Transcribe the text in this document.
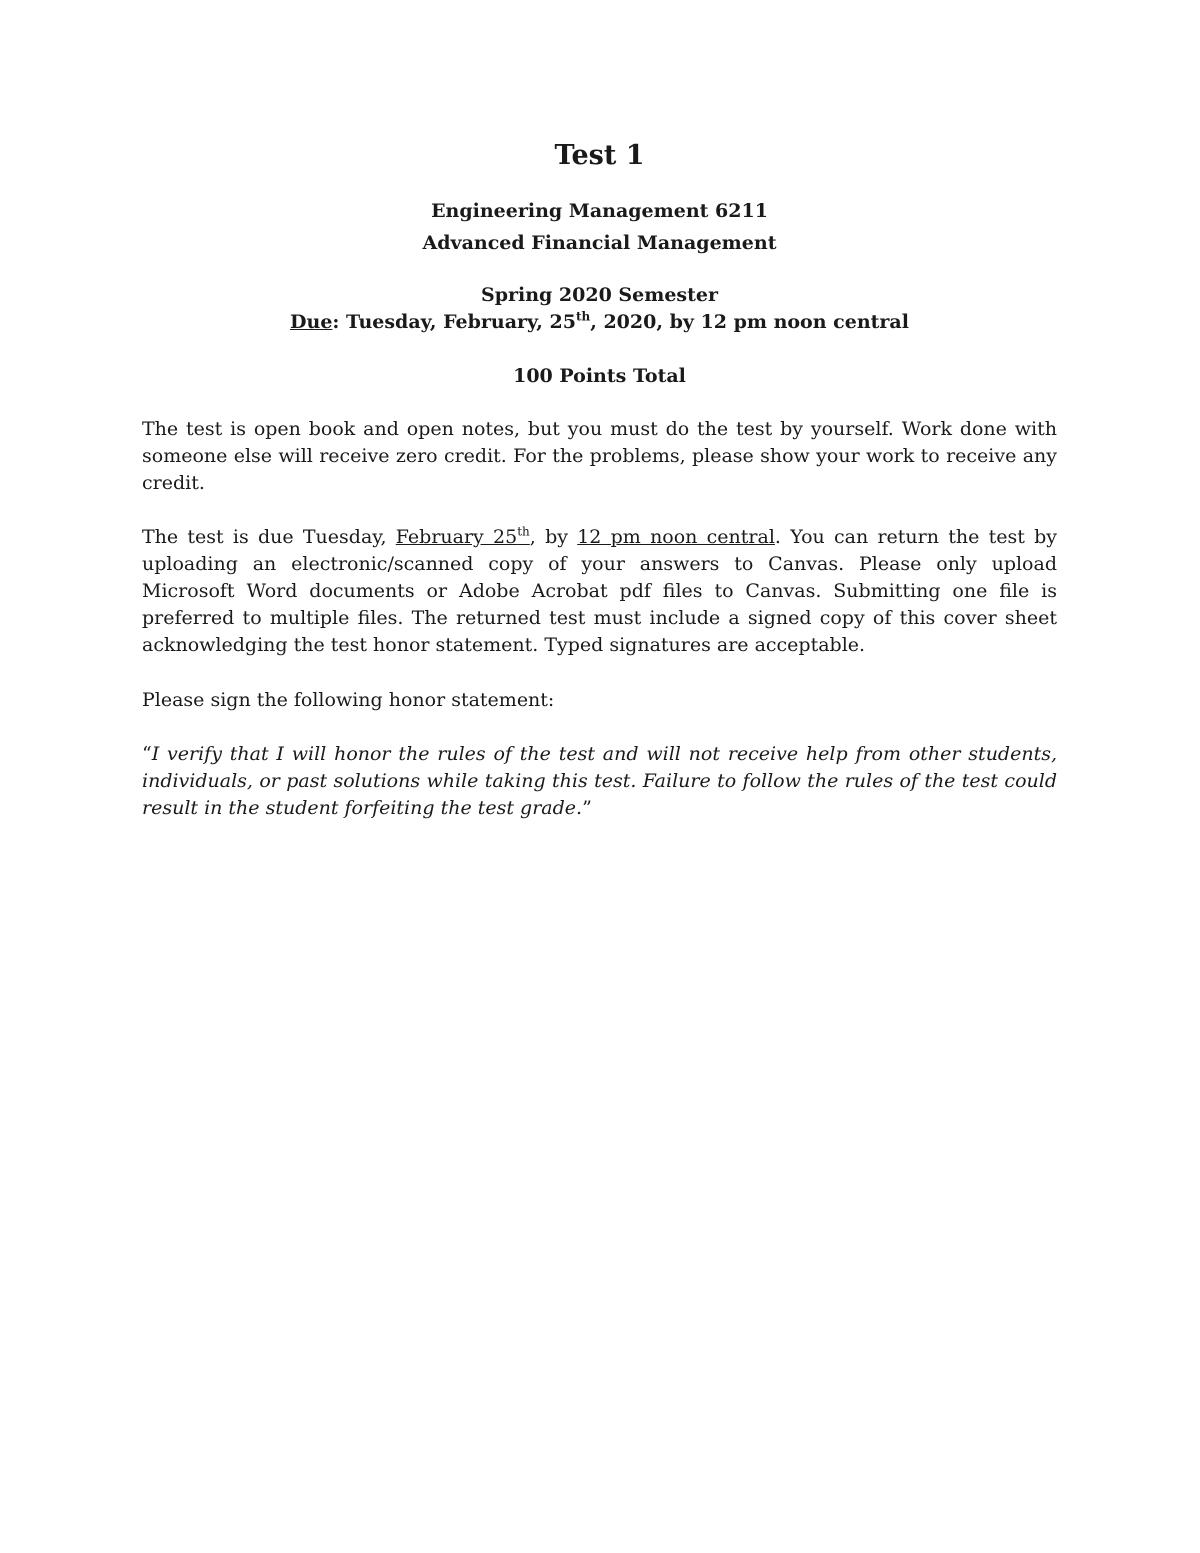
Test 1
Engineering Management 6211
Advanced Financial Management
Spring 2020 Semester
Due: Tuesday, February, 25th, 2020, by 12 pm noon central
100 Points Total

The test is open book and open notes, but you must do the test by yourself. Work done with someone else will receive zero credit. For the problems, please show your work to receive any credit.

The test is due Tuesday, February 25th, by 12 pm noon central. You can return the test by uploading an electronic/scanned copy of your answers to Canvas. Please only upload Microsoft Word documents or Adobe Acrobat pdf files to Canvas. Submitting one file is preferred to multiple files. The returned test must include a signed copy of this cover sheet acknowledging the test honor statement. Typed signatures are acceptable.

Please sign the following honor statement:

“I verify that I will honor the rules of the test and will not receive help from other students, individuals, or past solutions while taking this test. Failure to follow the rules of the test could result in the student forfeiting the test grade.”
